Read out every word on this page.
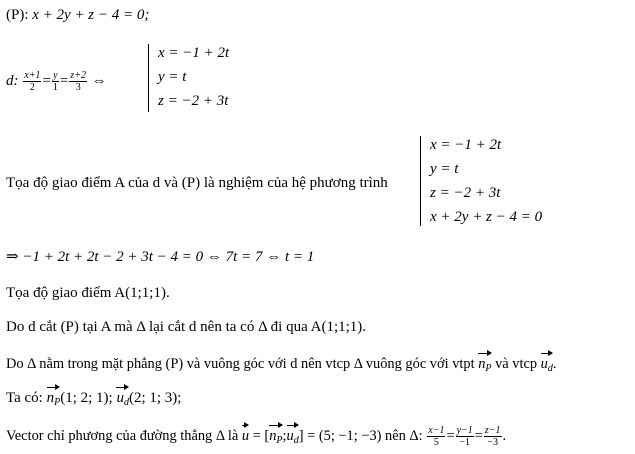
(P): x + 2y + z − 4 = 0;
d: $\frac{x+1}{2} = \frac{y}{1} = \frac{z+2}{3}$ ⇔
x = −1 + 2t
y = t
z = −2 + 3t
Tọa độ giao điểm A của d và (P) là nghiệm của hệ phương trình
x = −1 + 2t
y = t
z = −2 + 3t
x + 2y + z − 4 = 0
⇒ −1 + 2t + 2t − 2 + 3t − 4 = 0 ⇔ 7t = 7 ⇔ t = 1
Tọa độ giao điểm A(1;1;1).
Do d cắt (P) tại A mà Δ lại cắt d nên ta có Δ đi qua A(1;1;1).
Do Δ nằm trong mặt phẳng (P) và vuông góc với d nên vtcp Δ vuông góc với vtpt $n_P$ và vtcp $u_d$.
Ta có: $n_P(1$; 2; 1); $u_d(2$; 1; 3);
Vector chỉ phương của đường thẳng Δ là $u = [n_P;u_d] = (5$; −1; −3) nên Δ: $\frac{x-1}{5} = \frac{y-1}{-1} = \frac{z-1}{-3}$ .
